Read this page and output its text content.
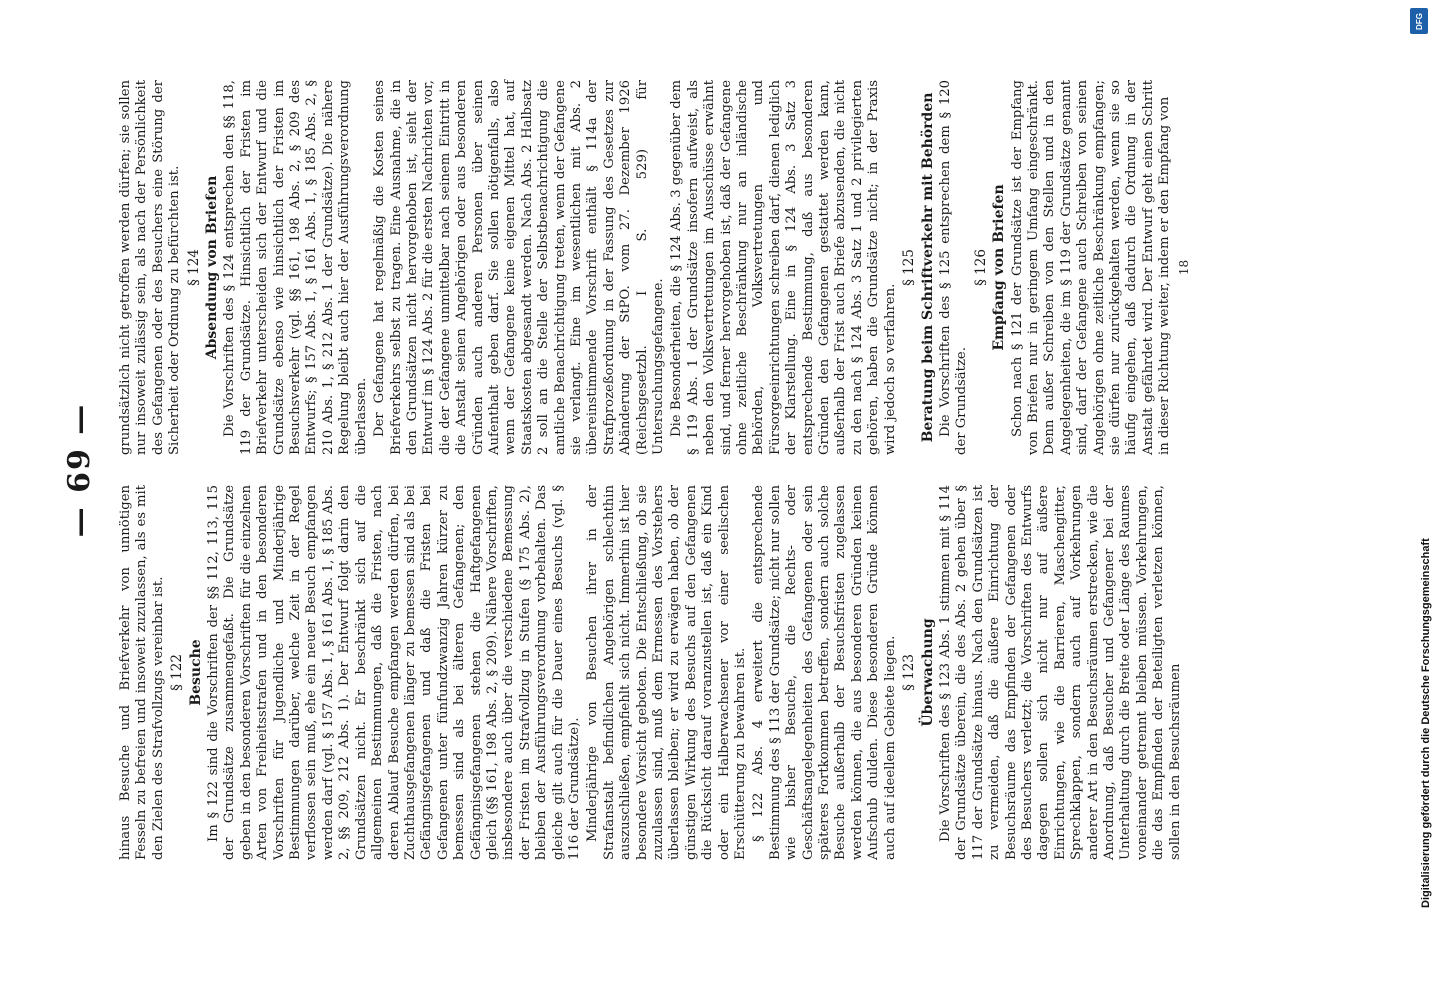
— 69 —

hinaus Besuche und Briefverkehr von unnötigen Fesseln zu befreien und insoweit zuzulassen, als es mit den Zielen des Strafvollzugs vereinbar ist. § 122 Besuche Im § 122 sind die Vorschriften der §§ 112, 113, 115 der Grundsätze zusammengefaßt. Die Grundsätze geben in den besonderen Vorschriften für die einzelnen Arten von Freiheitsstrafen und in den besonderen Vorschriften für Jugendliche und Minderjährige Bestimmungen darüber, welche Zeit in der Regel verflossen sein muß, ehe ein neuer Besuch empfangen werden darf (vgl. § 157 Abs. 1, § 161 Abs. 1, § 185 Abs. 2, §§ 209, 212 Abs. 1). Der Entwurf folgt darin den Grundsätzen nicht. Er beschränkt sich auf die allgemeinen Bestimmungen, daß die Fristen, nach deren Ablauf Besuche empfangen werden dürfen, bei Zuchthausgefangenen länger zu bemessen sind als bei Gefängnisgefangenen und daß die Fristen bei Gefangenen unter fünfundzwanzig Jahren kürzer zu bemessen sind als bei älteren Gefangenen; den Gefängnisgefangenen stehen die Haftgefangenen gleich (§§ 161, 198 Abs. 2, § 209). Nähere Vorschriften, insbesondere auch über die verschiedene Bemessung der Fristen im Strafvollzug in Stufen (§ 175 Abs. 2), bleiben der Ausführungsverordnung vorbehalten. Das gleiche gilt auch für die Dauer eines Besuchs (vgl. § 116 der Grundsätze). Minderjährige von Besuchen ihrer in der Strafanstalt befindlichen Angehörigen schlechthin auszuschließen, empfiehlt sich nicht. Immerhin ist hier besondere Vorsicht geboten. Die Entschließung, ob sie zuzulassen sind, muß dem Ermessen des Vorstehers überlassen bleiben; er wird zu erwägen haben, ob der günstigen Wirkung des Besuchs auf den Gefangenen die Rücksicht darauf voranzustellen ist, daß ein Kind oder ein Halberwachsener vor einer seelischen Erschütterung zu bewahren ist. § 122 Abs. 4 erweitert die entsprechende Bestimmung des § 113 der Grundsätze; nicht nur sollen wie bisher Besuche, die Rechts- oder Geschäftsangelegenheiten des Gefangenen oder sein späteres Fortkommen betreffen, sondern auch solche Besuche außerhalb der Besuchsfristen zugelassen werden können, die aus besonderen Gründen keinen Aufschub dulden. Diese besonderen Gründe können auch auf ideellem Gebiete liegen. § 123 Überwachung Die Vorschriften des § 123 Abs. 1 stimmen mit § 114 der Grundsätze überein, die des Abs. 2 gehen über § 117 der Grundsätze hinaus. Nach den Grundsätzen ist zu vermeiden, daß die äußere Einrichtung der Besuchsräume das Empfinden der Gefangenen oder des Besuchers verletzt; die Vorschriften des Entwurfs dagegen sollen sich nicht nur auf äußere Einrichtungen, wie die Barrieren, Maschengitter, Sprechklappen, sondern auch auf Vorkehrungen anderer Art in den Besuchsräumen erstrecken, wie die Anordnung, daß Besucher und Gefangener bei der Unterhaltung durch die Breite oder Länge des Raumes voneinander getrennt bleiben müssen. Vorkehrungen, die das Empfinden der Beteiligten verletzen können, sollen in den Besuchsräumen

grundsätzlich nicht getroffen werden dürfen; sie sollen nur insoweit zulässig sein, als nach der Persönlichkeit des Gefangenen oder des Besuchers eine Störung der Sicherheit oder Ordnung zu befürchten ist. § 124 Absendung von Briefen Die Vorschriften des § 124 entsprechen den §§ 118, 119 der Grundsätze. Hinsichtlich der Fristen im Briefverkehr unterscheiden sich der Entwurf und die Grundsätze ebenso wie hinsichtlich der Fristen im Besuchsverkehr (vgl. §§ 161, 198 Abs. 2, § 209 des Entwurfs; § 157 Abs. 1, § 161 Abs. 1, § 185 Abs. 2, § 210 Abs. 1, § 212 Abs. 1 der Grundsätze). Die nähere Regelung bleibt auch hier der Ausführungsverordnung überlassen. Der Gefangene hat regelmäßig die Kosten seines Briefverkehrs selbst zu tragen. Eine Ausnahme, die in den Grundsätzen nicht hervorgehoben ist, sieht der Entwurf im § 124 Abs. 2 für die ersten Nachrichten vor, die der Gefangene unmittelbar nach seinem Eintritt in die Anstalt seinen Angehörigen oder aus besonderen Gründen auch anderen Personen über seinen Aufenthalt geben darf. Sie sollen nötigenfalls, also wenn der Gefangene keine eigenen Mittel hat, auf Staatskosten abgesandt werden. Nach Abs. 2 Halbsatz 2 soll an die Stelle der Selbstbenachrichtigung die amtliche Benachrichtigung treten, wenn der Gefangene sie verlangt. Eine im wesentlichen mit Abs. 2 übereinstimmende Vorschrift enthält § 114a der Strafprozeßordnung in der Fassung des Gesetzes zur Abänderung der StPO. vom 27. Dezember 1926 (Reichsgesetzbl. I S. 529) für Untersuchungsgefangene. Die Besonderheiten, die § 124 Abs. 3 gegenüber dem § 119 Abs. 1 der Grundsätze insofern aufweist, als neben den Volksvertretungen im Ausschüsse erwähnt sind, und ferner hervorgehoben ist, daß der Gefangene ohne zeitliche Beschränkung nur an inländische Behörden, Volksvertretungen und Fürsorgeeinrichtungen schreiben darf, dienen lediglich der Klarstellung. Eine in § 124 Abs. 3 Satz 3 entsprechende Bestimmung, daß aus besonderen Gründen den Gefangenen gestattet werden kann, außerhalb der Frist auch Briefe abzusenden, die nicht zu den nach § 124 Abs. 3 Satz 1 und 2 privilegierten gehören, haben die Grundsätze nicht; in der Praxis wird jedoch so verfahren.

§ 125 Beratung beim Schriftverkehr mit Behörden Die Vorschriften des § 125 entsprechen dem § 120 der Grundsätze.

§ 126 Empfang von Briefen Schon nach § 121 der Grundsätze ist der Empfang von Briefen nur in geringem Umfang eingeschränkt. Denn außer Schreiben von den Stellen und in den Angelegenheiten, die im § 119 der Grundsätze genannt sind, darf der Gefangene auch Schreiben von seinen Angehörigen ohne zeitliche Beschränkung empfangen; sie dürfen nur zurückgehalten werden, wenn sie so häufig eingehen, daß dadurch die Ordnung in der Anstalt gefährdet wird. Der Entwurf geht einen Schritt in dieser Richtung weiter, indem er den Empfang von 18

DFG
Digitalisierung gefördert durch die Deutsche Forschungsgemeinschaft
